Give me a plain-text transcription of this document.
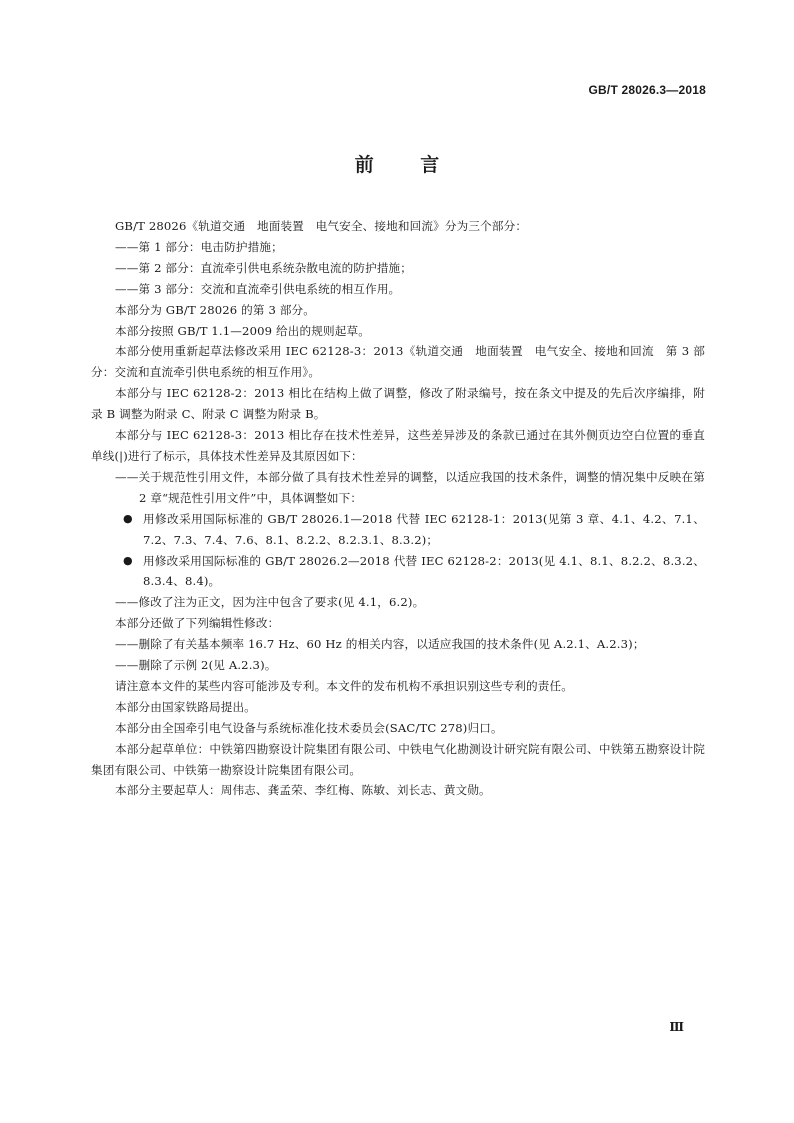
GB/T 28026.3—2018
前 言
GB/T 28026《轨道交通　地面装置　电气安全、接地和回流》分为三个部分：
——第 1 部分：电击防护措施；
——第 2 部分：直流牵引供电系统杂散电流的防护措施；
——第 3 部分：交流和直流牵引供电系统的相互作用。
本部分为 GB/T 28026 的第 3 部分。
本部分按照 GB/T 1.1—2009 给出的规则起草。
本部分使用重新起草法修改采用 IEC 62128-3：2013《轨道交通　地面装置　电气安全、接地和回流　第 3 部分：交流和直流牵引供电系统的相互作用》。
本部分与 IEC 62128-2：2013 相比在结构上做了调整，修改了附录编号，按在条文中提及的先后次序编排，附录 B 调整为附录 C、附录 C 调整为附录 B。
本部分与 IEC 62128-3：2013 相比存在技术性差异，这些差异涉及的条款已通过在其外侧页边空白位置的垂直单线(|)进行了标示，具体技术性差异及其原因如下：
——关于规范性引用文件，本部分做了具有技术性差异的调整，以适应我国的技术条件，调整的情况集中反映在第 2 章“规范性引用文件”中，具体调整如下：
● 用修改采用国际标准的 GB/T 28026.1—2018 代替 IEC 62128-1：2013(见第 3 章、4.1、4.2、7.1、7.2、7.3、7.4、7.6、8.1、8.2.2、8.2.3.1、8.3.2)；
● 用修改采用国际标准的 GB/T 28026.2—2018 代替 IEC 62128-2：2013(见 4.1、8.1、8.2.2、8.3.2、8.3.4、8.4)。
——修改了注为正文，因为注中包含了要求(见 4.1，6.2)。
本部分还做了下列编辑性修改：
——删除了有关基本频率 16.7 Hz、60 Hz 的相关内容，以适应我国的技术条件(见 A.2.1、A.2.3)；
——删除了示例 2(见 A.2.3)。
请注意本文件的某些内容可能涉及专利。本文件的发布机构不承担识别这些专利的责任。
本部分由国家铁路局提出。
本部分由全国牵引电气设备与系统标准化技术委员会(SAC/TC 278)归口。
本部分起草单位：中铁第四勘察设计院集团有限公司、中铁电气化勘测设计研究院有限公司、中铁第五勘察设计院集团有限公司、中铁第一勘察设计院集团有限公司。
本部分主要起草人：周伟志、龚孟荣、李红梅、陈敏、刘长志、黄文勋。
Ⅲ
